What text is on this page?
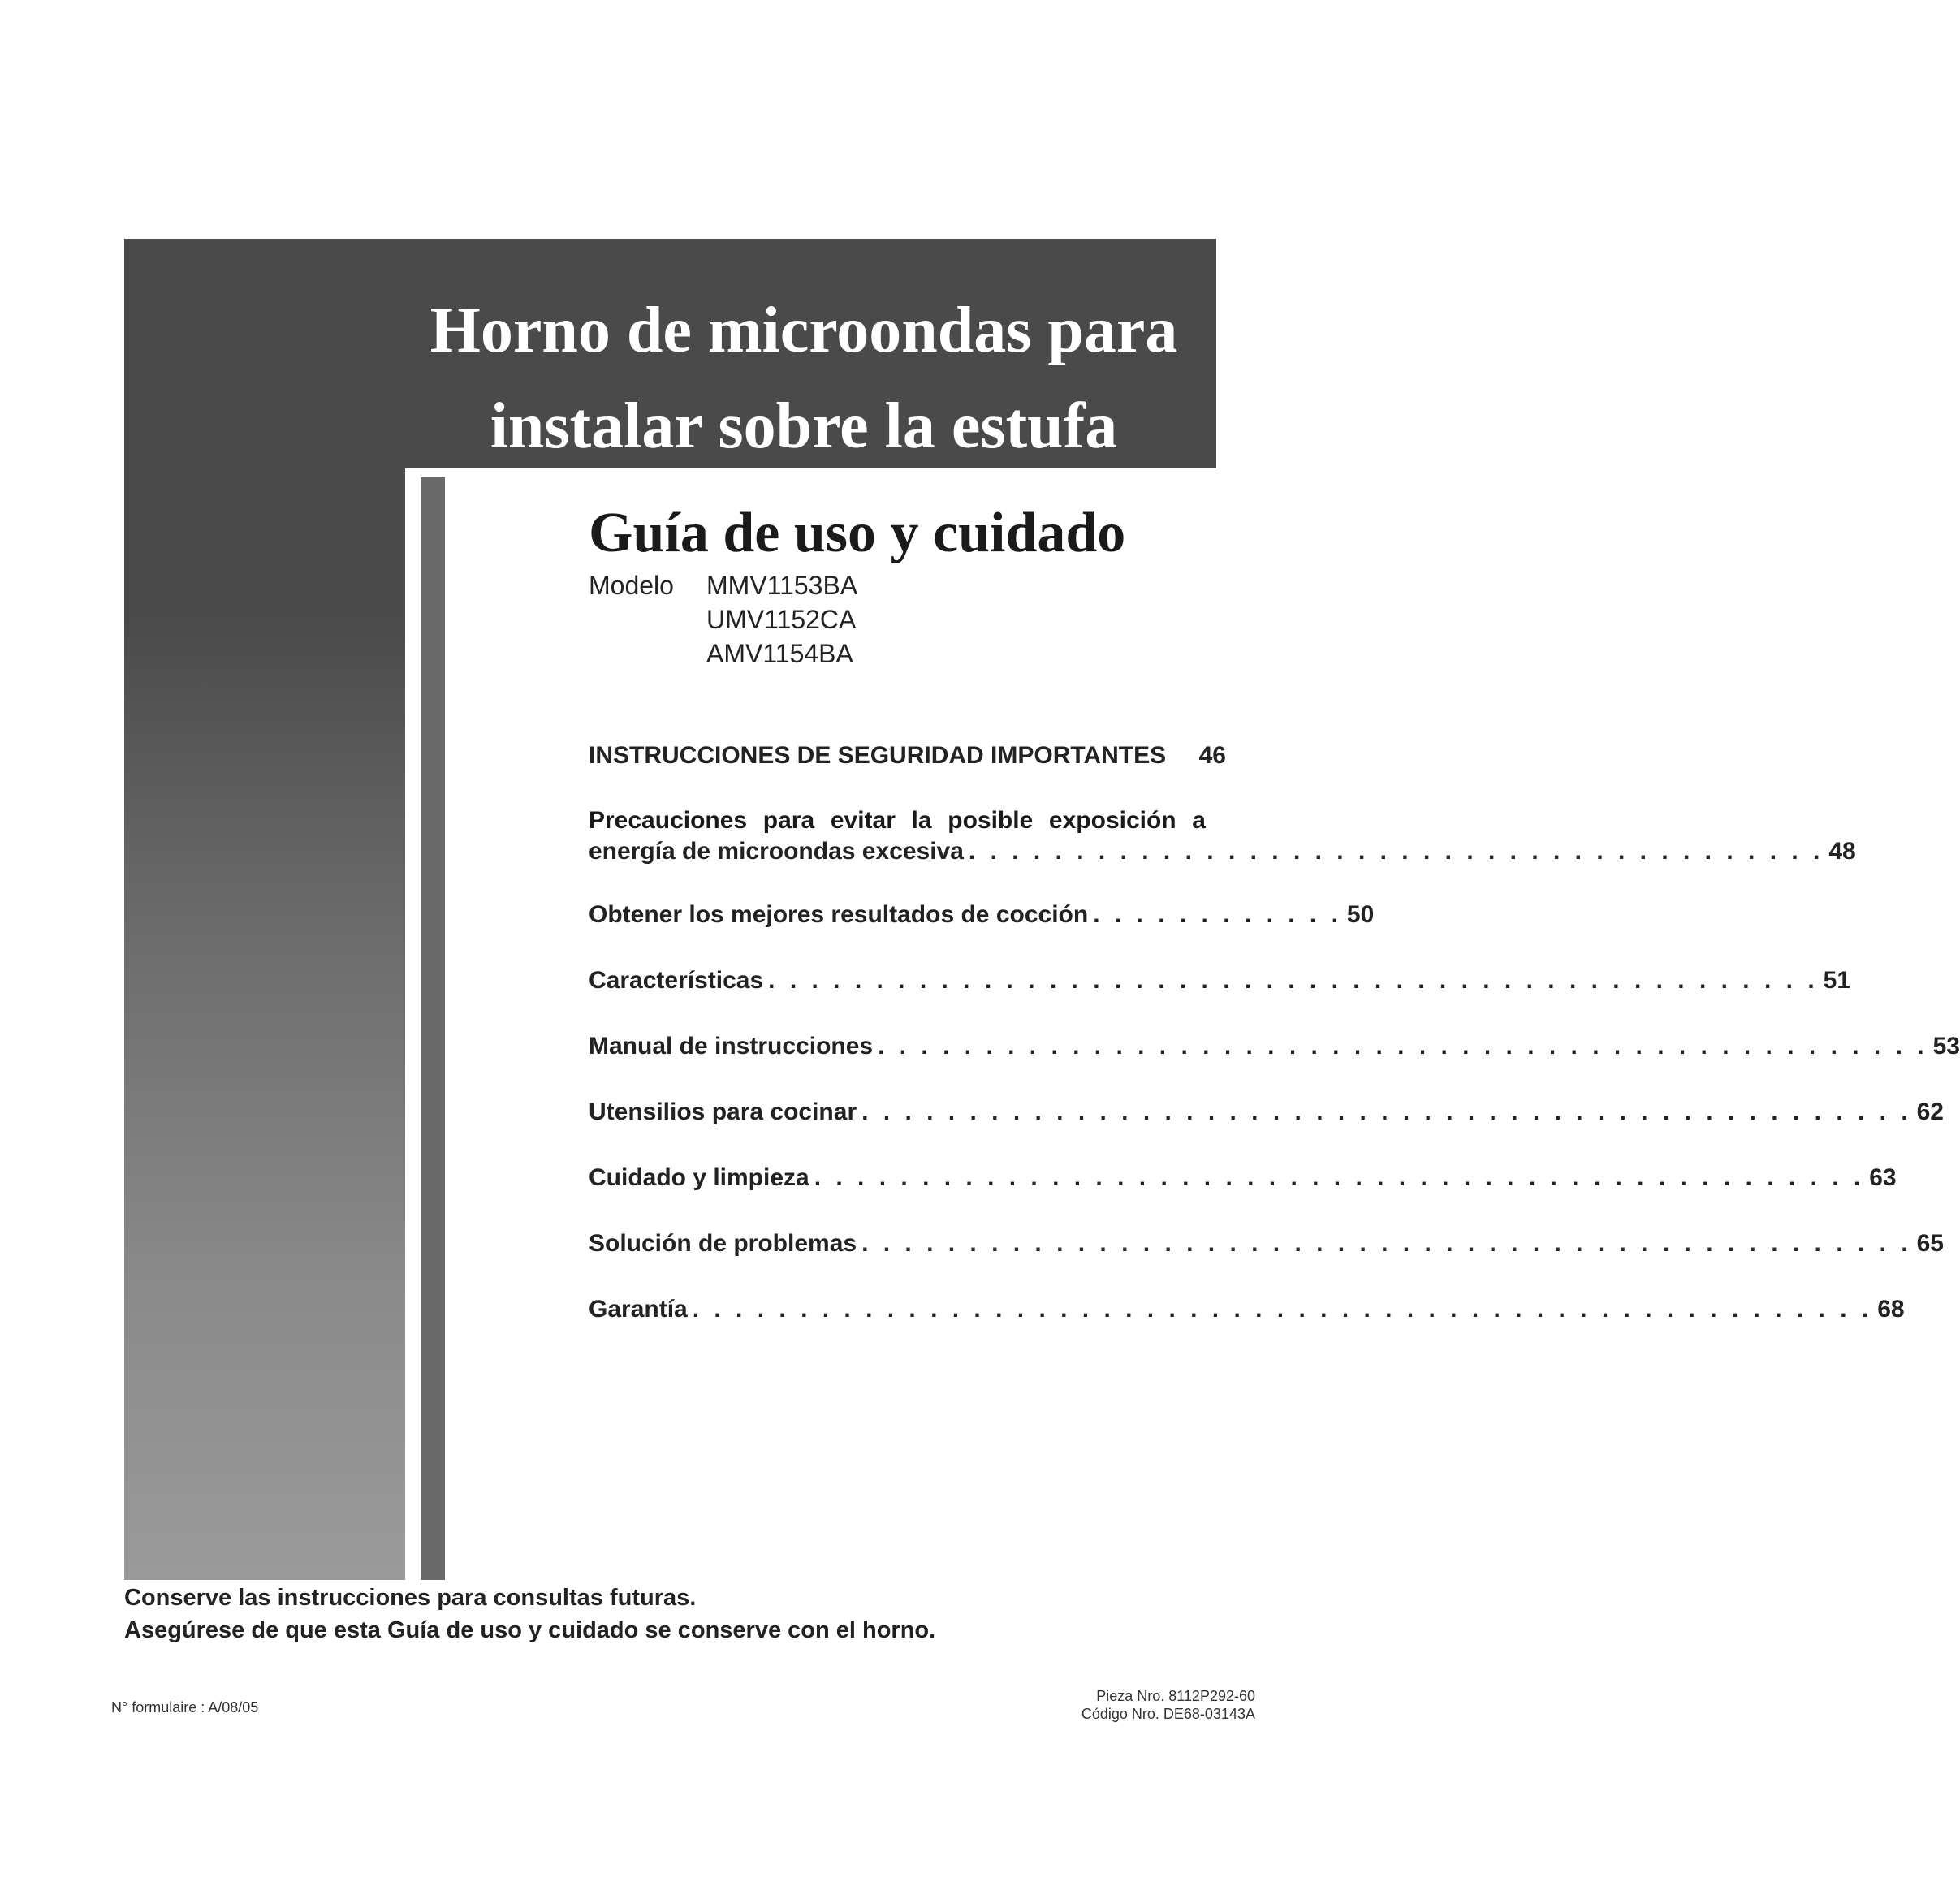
Horno de microondas para
instalar sobre la estufa
Guía de uso y cuidado
Modelo	MMV1153BA
UMV1152CA
AMV1154BA
INSTRUCCIONES DE SEGURIDAD IMPORTANTES 46
Precauciones para evitar la posible exposición a
energía de microondas excesiva . . . . . . . . . . . . . . . . . . . . . . . . . . . . . . . . . . . . . . . . 48
Obtener los mejores resultados de cocción . . . . . . . . . . . . 50
Características . . . . . . . . . . . . . . . . . . . . . . . . . . . . . . . . . . . . . . . . . . . . . . . . . 51
Manual de instrucciones . . . . . . . . . . . . . . . . . . . . . . . . . . . . . . . . . . . . . . . . . . . . . . . . . 53
Utensilios para cocinar . . . . . . . . . . . . . . . . . . . . . . . . . . . . . . . . . . . . . . . . . . . . . . . . . 62
Cuidado y limpieza . . . . . . . . . . . . . . . . . . . . . . . . . . . . . . . . . . . . . . . . . . . . . . . . . 63
Solución de problemas . . . . . . . . . . . . . . . . . . . . . . . . . . . . . . . . . . . . . . . . . . . . . . . . . 65
Garantía . . . . . . . . . . . . . . . . . . . . . . . . . . . . . . . . . . . . . . . . . . . . . . . . . . . . . . . 68
Conserve las instrucciones para consultas futuras.
Asegúrese de que esta Guía de uso y cuidado se conserve con el horno.
N° formulaire : A/08/05
Pieza Nro. 8112P292-60
Código Nro. DE68-03143A
